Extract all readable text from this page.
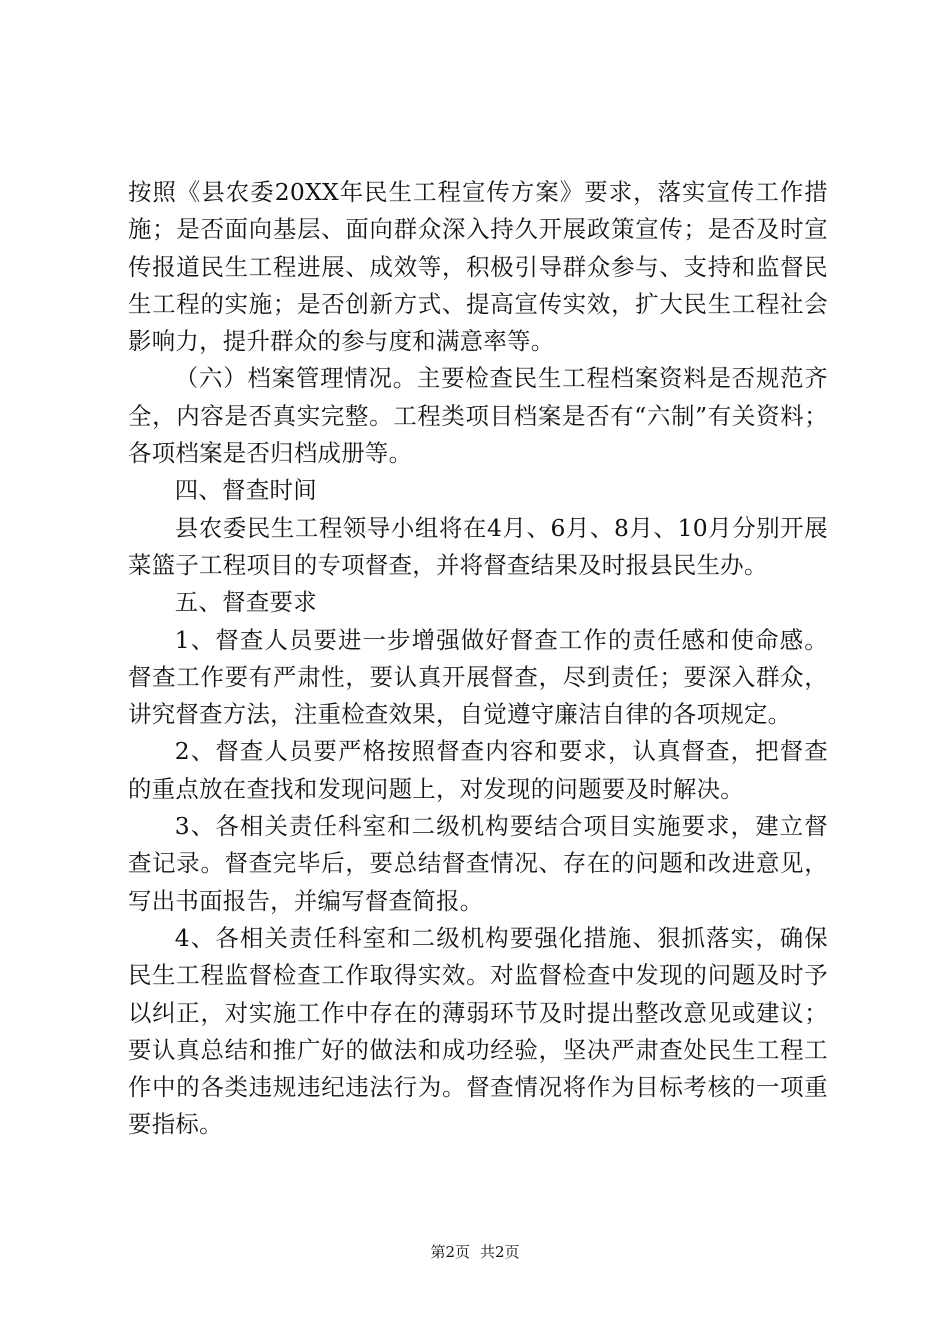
按照《县农委20XX年民生工程宣传方案》要求，落实宣传工作措施；是否面向基层、面向群众深入持久开展政策宣传；是否及时宣传报道民生工程进展、成效等，积极引导群众参与、支持和监督民生工程的实施；是否创新方式、提高宣传实效，扩大民生工程社会影响力，提升群众的参与度和满意率等。

（六）档案管理情况。主要检查民生工程档案资料是否规范齐全，内容是否真实完整。工程类项目档案是否有“六制”有关资料；各项档案是否归档成册等。

四、督查时间

县农委民生工程领导小组将在4月、6月、8月、10月分别开展菜篮子工程项目的专项督查，并将督查结果及时报县民生办。

五、督查要求

1、督查人员要进一步增强做好督查工作的责任感和使命感。督查工作要有严肃性，要认真开展督查，尽到责任；要深入群众，讲究督查方法，注重检查效果，自觉遵守廉洁自律的各项规定。

2、督查人员要严格按照督查内容和要求，认真督查，把督查的重点放在查找和发现问题上，对发现的问题要及时解决。

3、各相关责任科室和二级机构要结合项目实施要求，建立督查记录。督查完毕后，要总结督查情况、存在的问题和改进意见，写出书面报告，并编写督查简报。

4、各相关责任科室和二级机构要强化措施、狠抓落实，确保民生工程监督检查工作取得实效。对监督检查中发现的问题及时予以纠正，对实施工作中存在的薄弱环节及时提出整改意见或建议；要认真总结和推广好的做法和成功经验，坚决严肃查处民生工程工作中的各类违规违纪违法行为。督查情况将作为目标考核的一项重要指标。

第2页 共2页
